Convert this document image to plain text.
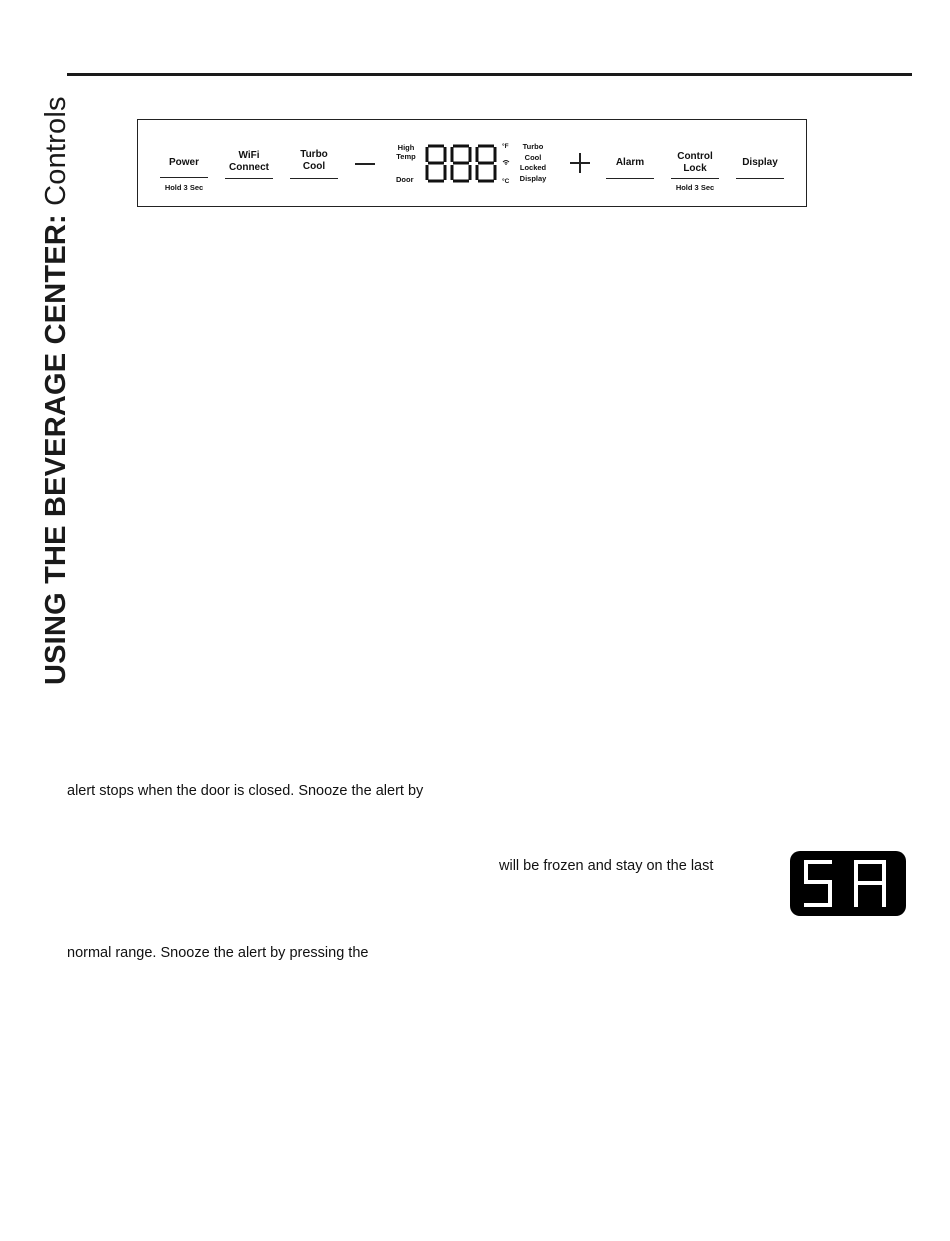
USING THE BEVERAGE CENTER: Controls	Power
Hold 3 Sec
WiFi
Connect
Turbo
Cool
High
Temp
Door
°F
°C
Turbo
Cool
Locked
Display
Alarm
Control
Lock
Hold 3 Sec
Display
alert stops when the door is closed. Snooze the alert by
will be frozen and stay on the last
normal range. Snooze the alert by pressing the
